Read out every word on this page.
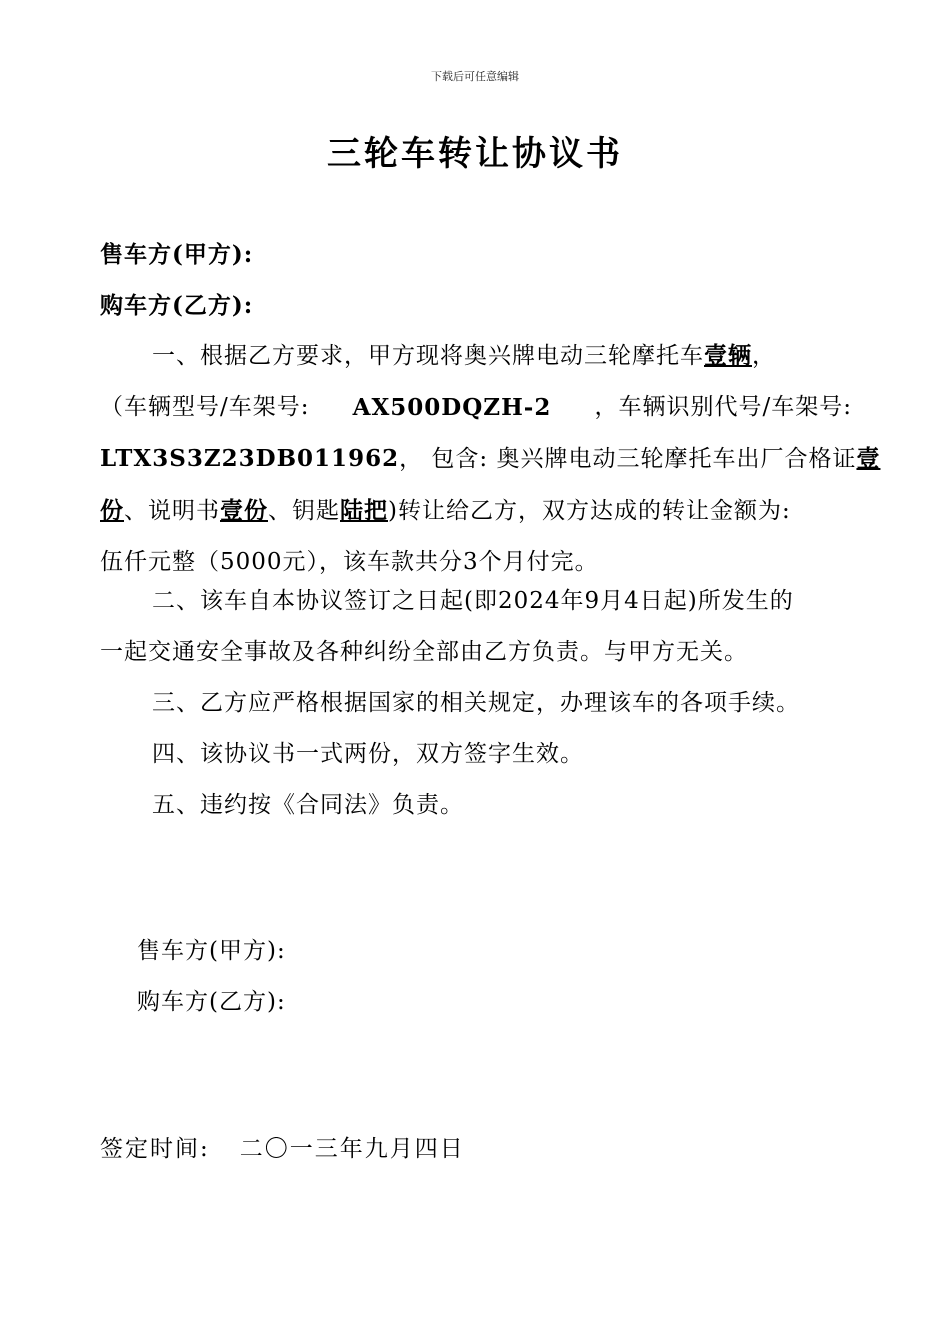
下载后可任意编辑
三轮车转让协议书
售车方(甲方):
购车方(乙方):
一、根据乙方要求，甲方现将奥兴牌电动三轮摩托车壹辆，
（车辆型号/车架号: AX500DQZH-2 ，车辆识别代号/车架号:
LTX3S3Z23DB011962， 包含: 奥兴牌电动三轮摩托车出厂合格证壹
份、说明书壹份、钥匙陆把)转让给乙方，双方达成的转让金额为:
伍仟元整（5000元），该车款共分3个月付完。
二、该车自本协议签订之日起(即2024年9月4日起)所发生的
一起交通安全事故及各种纠纷全部由乙方负责。与甲方无关。
三、乙方应严格根据国家的相关规定，办理该车的各项手续。
四、该协议书一式两份，双方签字生效。
五、违约按《合同法》负责。
售车方(甲方):
购车方(乙方):
签定时间: 二〇一三年九月四日
